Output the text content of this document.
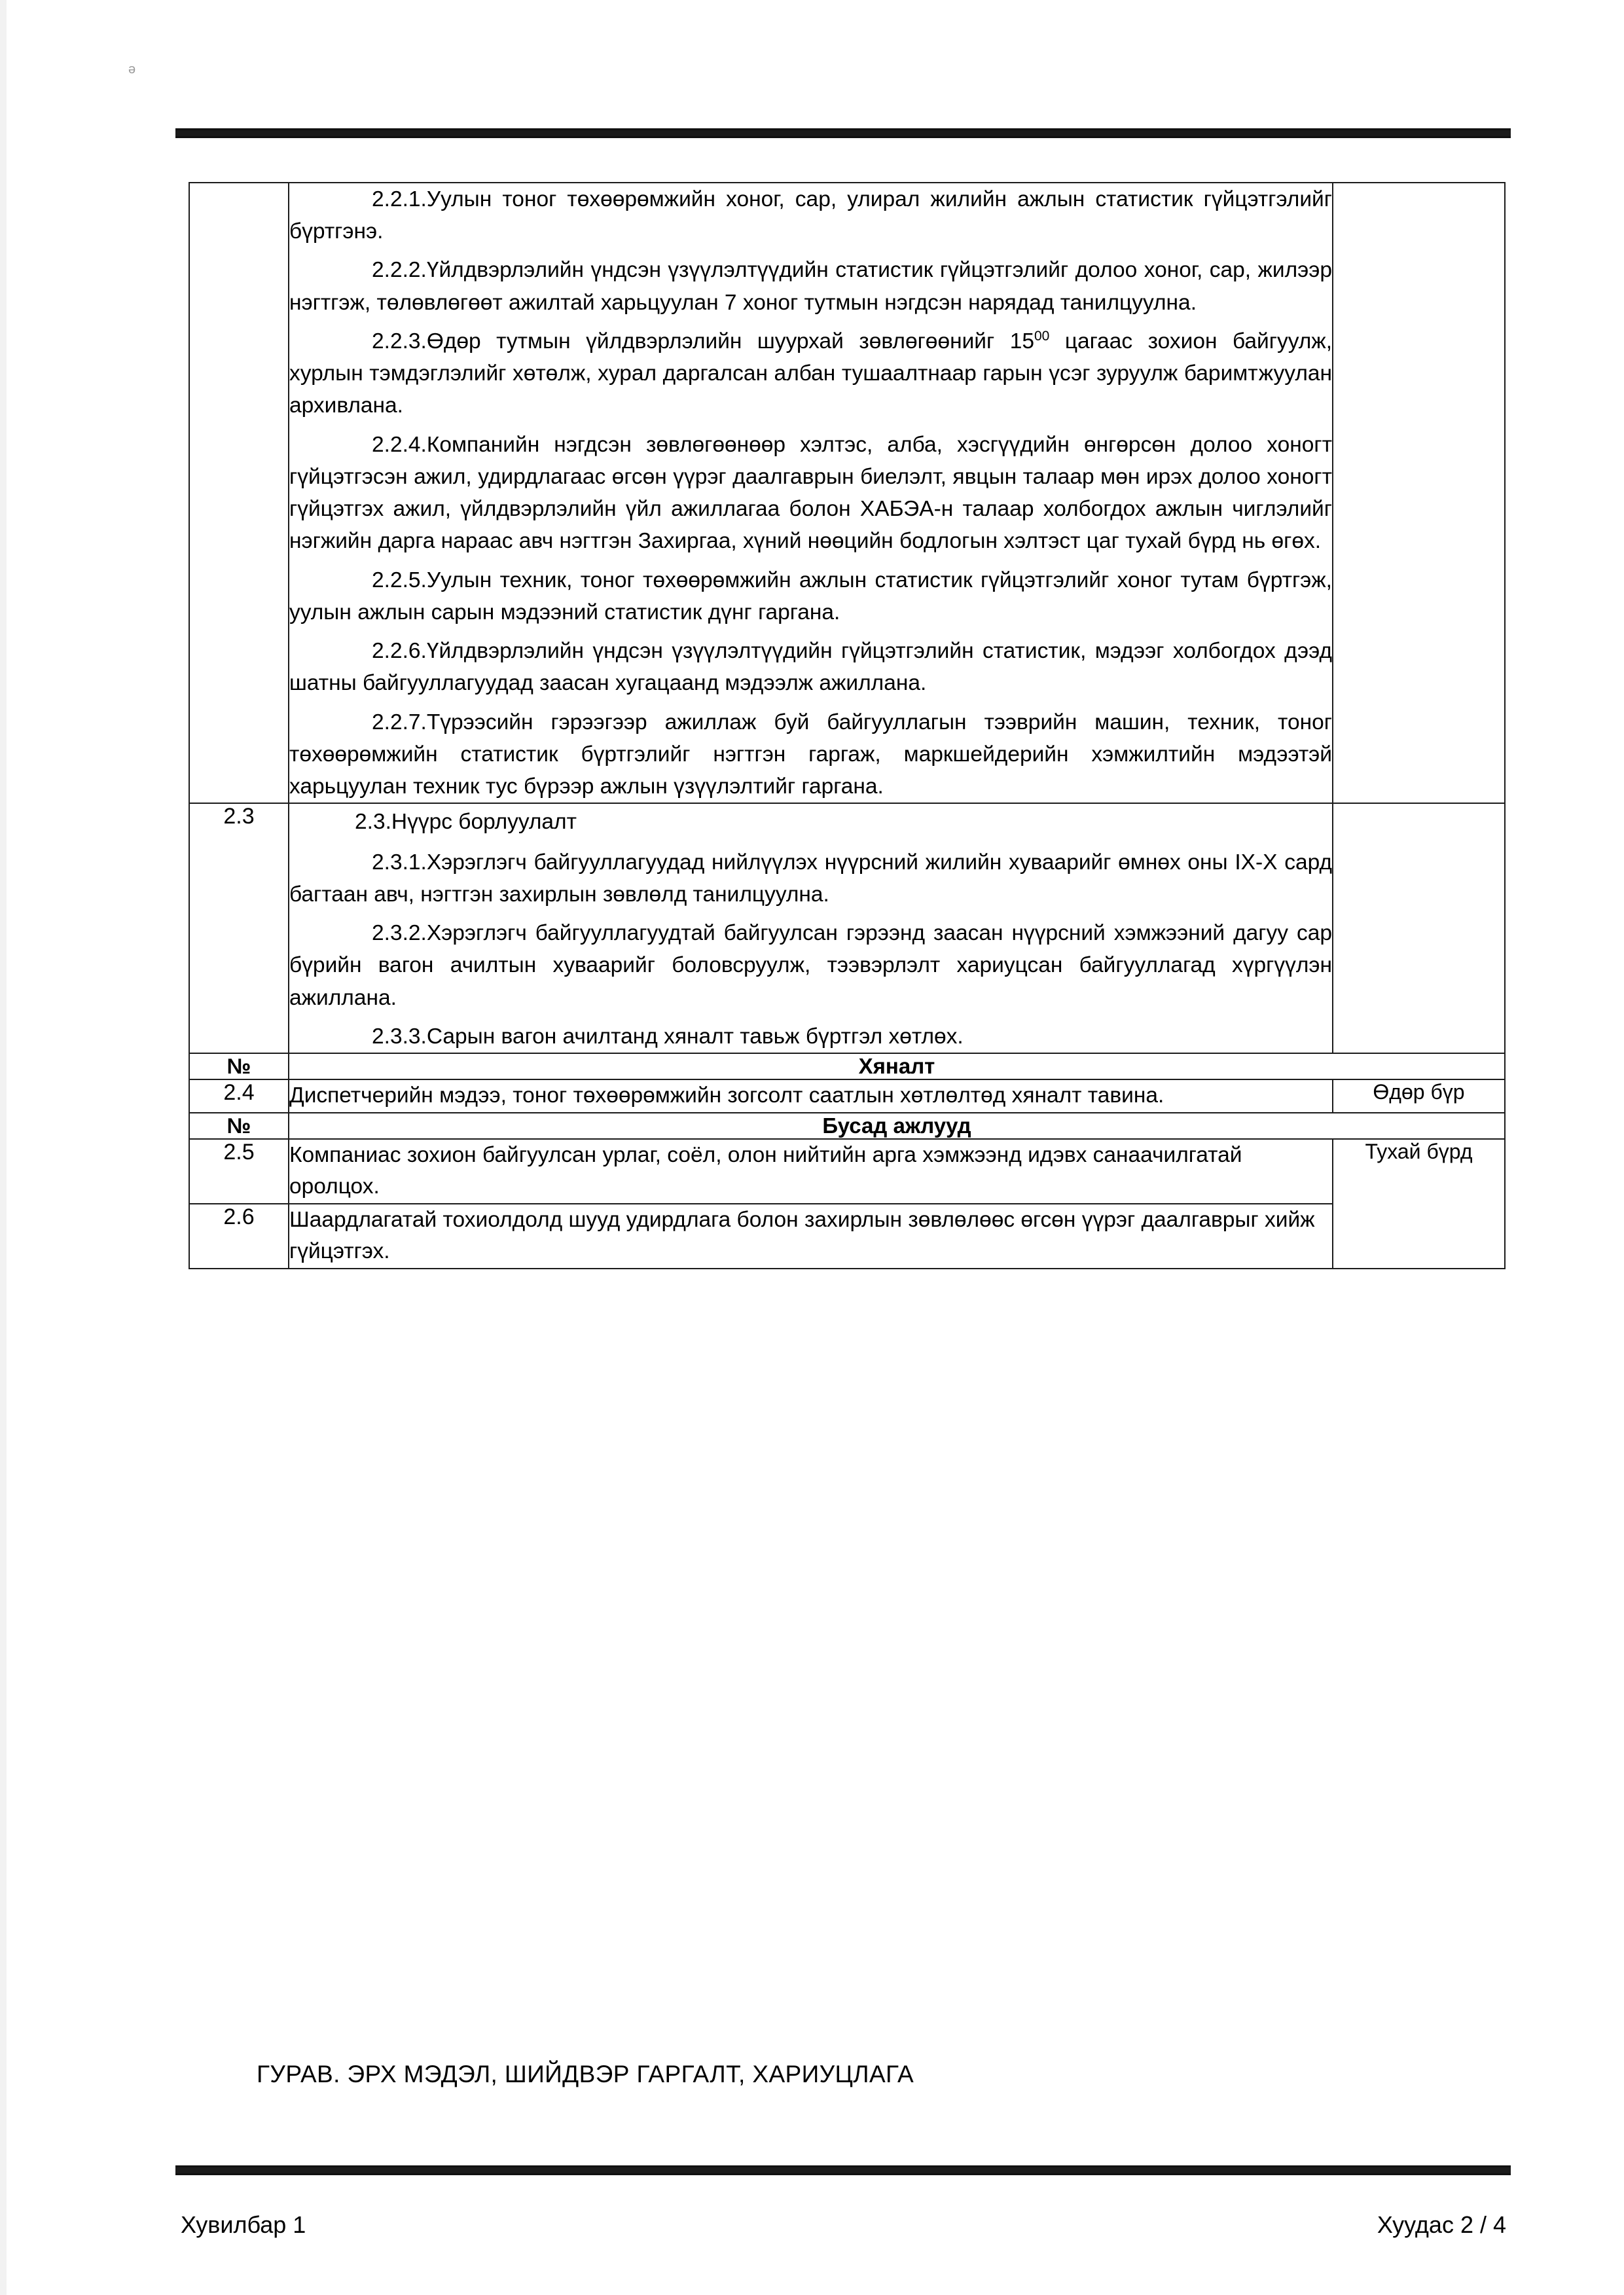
ә

2.2.1.Уулын тоног төхөөрөмжийн хоног, сар, улирал жилийн ажлын статистик гүйцэтгэлийг бүртгэнэ.

2.2.2.Үйлдвэрлэлийн үндсэн үзүүлэлтүүдийн статистик гүйцэтгэлийг долоо хоног, сар, жилээр нэгтгэж, төлөвлөгөөт ажилтай харьцуулан 7 хоног тутмын нэгдсэн нарядад танилцуулна.

2.2.3.Өдөр тутмын үйлдвэрлэлийн шуурхай зөвлөгөөнийг $15^{00}$ цагаас зохион байгуулж, хурлын тэмдэглэлийг хөтөлж, хурал даргалсан албан тушаалтнаар гарын үсэг зуруулж баримтжуулан архивлана.

2.2.4.Компанийн нэгдсэн зөвлөгөөнөөр хэлтэс, алба, хэсгүүдийн өнгөрсөн долоо хоногт гүйцэтгэсэн ажил, удирдлагаас өгсөн үүрэг даалгаврын биелэлт, явцын талаар мөн ирэх долоо хоногт гүйцэтгэх ажил, үйлдвэрлэлийн үйл ажиллагаа болон ХАБЭА-н талаар холбогдох ажлын чиглэлийг нэгжийн дарга нараас авч нэгтгэн Захиргаа, хүний нөөцийн бодлогын хэлтэст цаг тухай бүрд нь өгөх.

2.2.5.Уулын техник, тоног төхөөрөмжийн ажлын статистик гүйцэтгэлийг хоног тутам бүртгэж, уулын ажлын сарын мэдээний статистик дүнг гаргана.

2.2.6.Үйлдвэрлэлийн үндсэн үзүүлэлтүүдийн гүйцэтгэлийн статистик, мэдээг холбогдох дээд шатны байгууллагуудад заасан хугацаанд мэдээлж ажиллана.

2.2.7.Түрээсийн гэрээгээр ажиллаж буй байгууллагын тээврийн машин, техник, тоног төхөөрөмжийн статистик бүртгэлийг нэгтгэн гаргаж, маркшейдерийн хэмжилтийн мэдээтэй харьцуулан техник тус бүрээр ажлын үзүүлэлтийг гаргана.

2.3	2.3.Нүүрс борлуулалт

2.3.1.Хэрэглэгч байгууллагуудад нийлүүлэх нүүрсний жилийн хуваарийг өмнөх оны IX-X сард багтаан авч, нэгтгэн захирлын зөвлөлд танилцуулна.

2.3.2.Хэрэглэгч байгууллагуудтай байгуулсан гэрээнд заасан нүүрсний хэмжээний дагуу сар бүрийн вагон ачилтын хуваарийг боловсруулж, тээвэрлэлт хариуцсан байгууллагад хүргүүлэн ажиллана.

2.3.3.Сарын вагон ачилтанд хяналт тавьж бүртгэл хөтлөх.	

№	Хяналт	
2.4	Диспетчерийн мэдээ, тоног төхөөрөмжийн зогсолт саатлын хөтлөлтөд хяналт тавина.	Өдөр бүр
№	Бусад ажлууд	
2.5	Компаниас зохион байгуулсан урлаг, соёл, олон нийтийн арга хэмжээнд идэвх санаачилгатай оролцох.	Тухай бүрд
2.6	Шаардлагатай тохиолдолд шууд удирдлага болон захирлын зөвлөлөөс өгсөн үүрэг даалгаврыг хийж гүйцэтгэх.	
ГУРАВ. ЭРХ МЭДЭЛ, ШИЙДВЭР ГАРГАЛТ, ХАРИУЦЛАГА
Хувилбар 1	Хуудас 2 / 4
